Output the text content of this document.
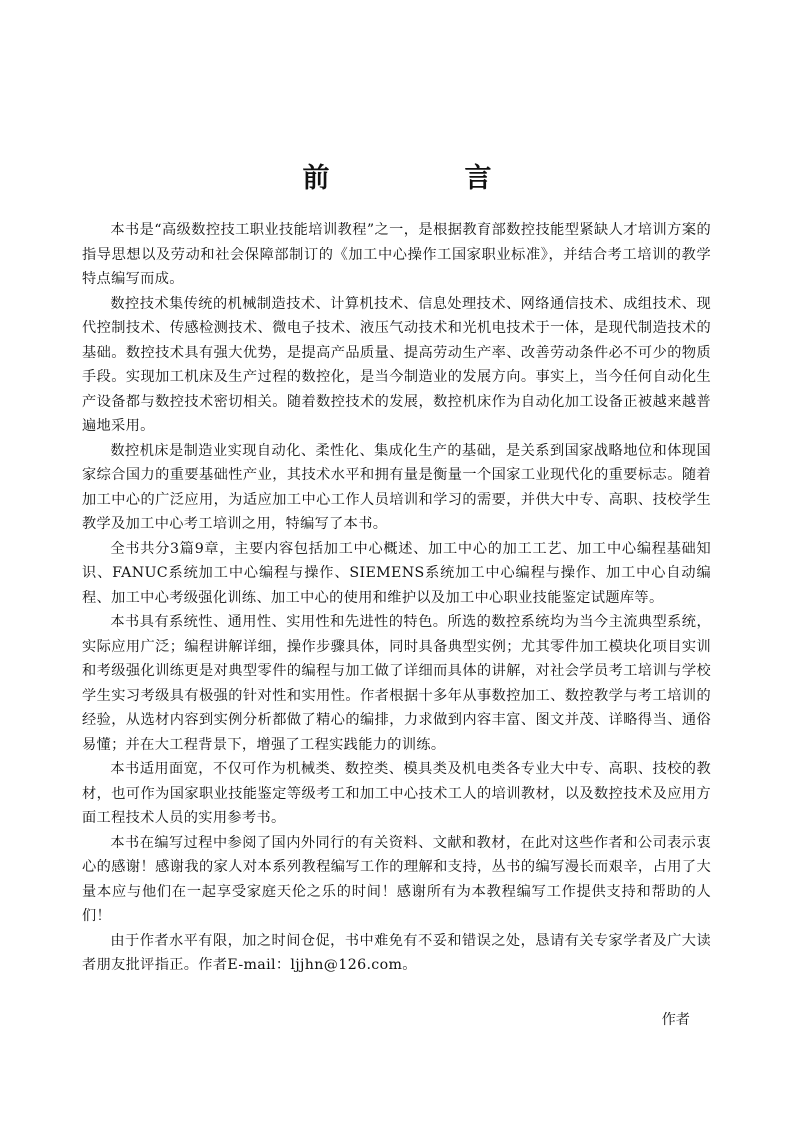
前　言

本书是“高级数控技工职业技能培训教程”之一，是根据教育部数控技能型紧缺人才培训方案的指导思想以及劳动和社会保障部制订的《加工中心操作工国家职业标准》，并结合考工培训的教学特点编写而成。

数控技术集传统的机械制造技术、计算机技术、信息处理技术、网络通信技术、成组技术、现代控制技术、传感检测技术、微电子技术、液压气动技术和光机电技术于一体，是现代制造技术的基础。数控技术具有强大优势，是提高产品质量、提高劳动生产率、改善劳动条件必不可少的物质手段。实现加工机床及生产过程的数控化，是当今制造业的发展方向。事实上，当今任何自动化生产设备都与数控技术密切相关。随着数控技术的发展，数控机床作为自动化加工设备正被越来越普遍地采用。

数控机床是制造业实现自动化、柔性化、集成化生产的基础，是关系到国家战略地位和体现国家综合国力的重要基础性产业，其技术水平和拥有量是衡量一个国家工业现代化的重要标志。随着加工中心的广泛应用，为适应加工中心工作人员培训和学习的需要，并供大中专、高职、技校学生教学及加工中心考工培训之用，特编写了本书。

全书共分3篇9章，主要内容包括加工中心概述、加工中心的加工工艺、加工中心编程基础知识、FANUC系统加工中心编程与操作、SIEMENS系统加工中心编程与操作、加工中心自动编程、加工中心考级强化训练、加工中心的使用和维护以及加工中心职业技能鉴定试题库等。

本书具有系统性、通用性、实用性和先进性的特色。所选的数控系统均为当今主流典型系统，实际应用广泛；编程讲解详细，操作步骤具体，同时具备典型实例；尤其零件加工模块化项目实训和考级强化训练更是对典型零件的编程与加工做了详细而具体的讲解，对社会学员考工培训与学校学生实习考级具有极强的针对性和实用性。作者根据十多年从事数控加工、数控教学与考工培训的经验，从选材内容到实例分析都做了精心的编排，力求做到内容丰富、图文并茂、详略得当、通俗易懂；并在大工程背景下，增强了工程实践能力的训练。

本书适用面宽，不仅可作为机械类、数控类、模具类及机电类各专业大中专、高职、技校的教材，也可作为国家职业技能鉴定等级考工和加工中心技术工人的培训教材，以及数控技术及应用方面工程技术人员的实用参考书。

本书在编写过程中参阅了国内外同行的有关资料、文献和教材，在此对这些作者和公司表示衷心的感谢！感谢我的家人对本系列教程编写工作的理解和支持，丛书的编写漫长而艰辛，占用了大量本应与他们在一起享受家庭天伦之乐的时间！感谢所有为本教程编写工作提供支持和帮助的人们！

由于作者水平有限，加之时间仓促，书中难免有不妥和错误之处，恳请有关专家学者及广大读者朋友批评指正。作者E-mail：ljjhn@126.com。

作者
